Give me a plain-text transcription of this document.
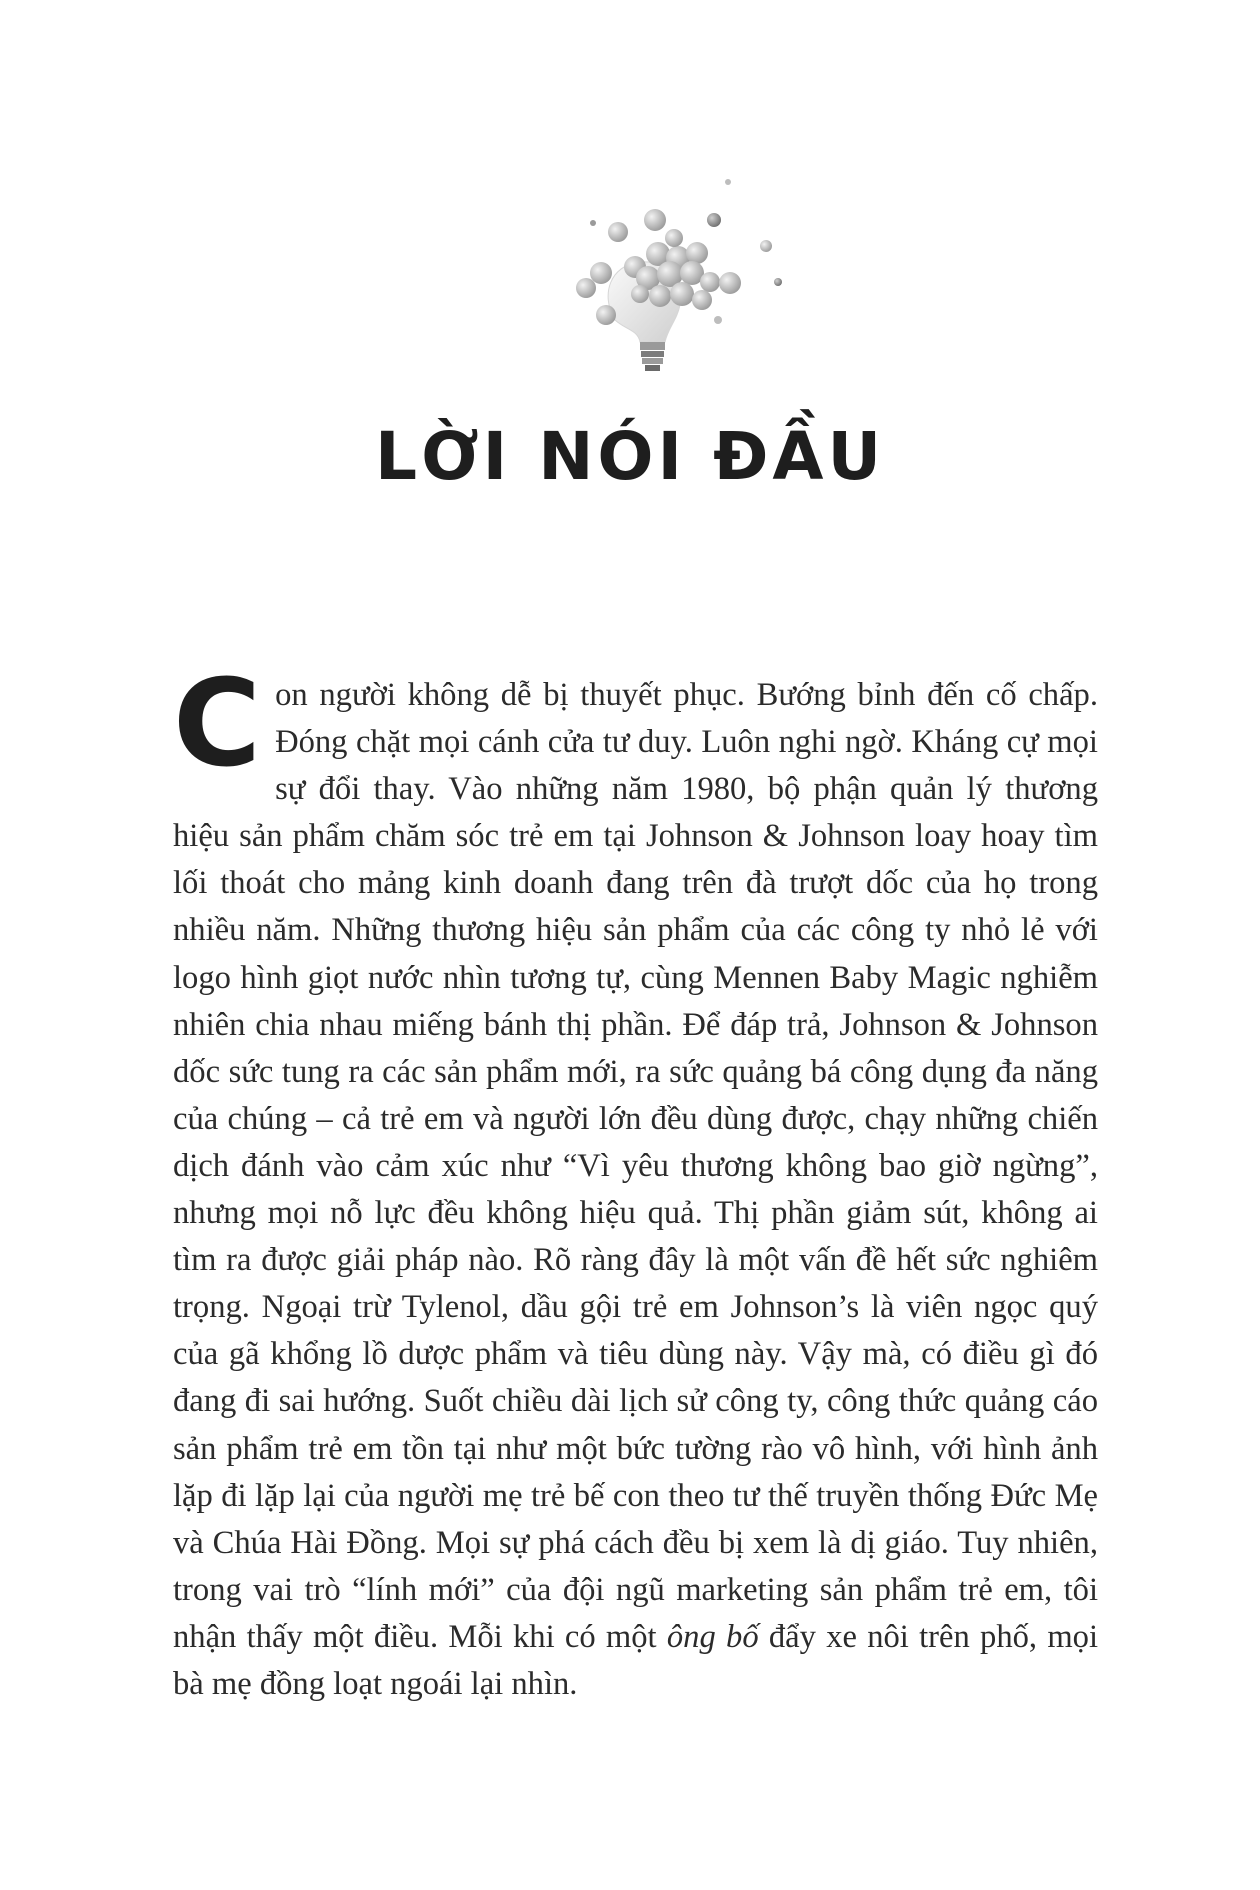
LỜI NÓI ĐẦU

Con người không dễ bị thuyết phục. Bướng bỉnh đến cố chấp. Đóng chặt mọi cánh cửa tư duy. Luôn nghi ngờ. Kháng cự mọi sự đổi thay. Vào những năm 1980, bộ phận quản lý thương hiệu sản phẩm chăm sóc trẻ em tại Johnson & Johnson loay hoay tìm lối thoát cho mảng kinh doanh đang trên đà trượt dốc của họ trong nhiều năm. Những thương hiệu sản phẩm của các công ty nhỏ lẻ với logo hình giọt nước nhìn tương tự, cùng Mennen Baby Magic nghiễm nhiên chia nhau miếng bánh thị phần. Để đáp trả, Johnson & Johnson dốc sức tung ra các sản phẩm mới, ra sức quảng bá công dụng đa năng của chúng – cả trẻ em và người lớn đều dùng được, chạy những chiến dịch đánh vào cảm xúc như “Vì yêu thương không bao giờ ngừng”, nhưng mọi nỗ lực đều không hiệu quả. Thị phần giảm sút, không ai tìm ra được giải pháp nào. Rõ ràng đây là một vấn đề hết sức nghiêm trọng. Ngoại trừ Tylenol, dầu gội trẻ em Johnson’s là viên ngọc quý của gã khổng lồ dược phẩm và tiêu dùng này. Vậy mà, có điều gì đó đang đi sai hướng. Suốt chiều dài lịch sử công ty, công thức quảng cáo sản phẩm trẻ em tồn tại như một bức tường rào vô hình, với hình ảnh lặp đi lặp lại của người mẹ trẻ bế con theo tư thế truyền thống Đức Mẹ và Chúa Hài Đồng. Mọi sự phá cách đều bị xem là dị giáo. Tuy nhiên, trong vai trò “lính mới” của đội ngũ marketing sản phẩm trẻ em, tôi nhận thấy một điều. Mỗi khi có một ông bố đẩy xe nôi trên phố, mọi bà mẹ đồng loạt ngoái lại nhìn.
